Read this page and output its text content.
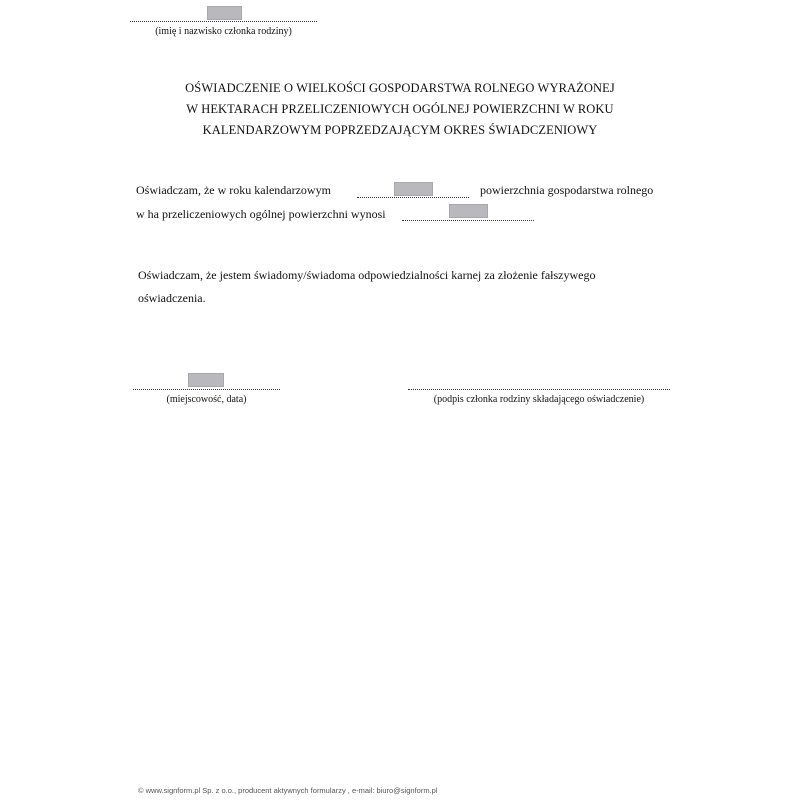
(imię i nazwisko członka rodziny)
OŚWIADCZENIE O WIELKOŚCI GOSPODARSTWA ROLNEGO WYRAŻONEJ
W HEKTARACH PRZELICZENIOWYCH OGÓLNEJ POWIERZCHNI W ROKU
KALENDARZOWYM POPRZEDZAJĄCYM OKRES ŚWIADCZENIOWY
Oświadczam, że w roku kalendarzowym	powierzchnia gospodarstwa rolnego
w ha przeliczeniowych ogólnej powierzchni wynosi
Oświadczam, że jestem świadomy/świadoma odpowiedzialności karnej za złożenie fałszywego
oświadczenia.
(miejscowość, data)	(podpis członka rodziny składającego oświadczenie)
© www.signform.pl Sp. z o.o., producent aktywnych formularzy , e-mail: biuro@signform.pl
